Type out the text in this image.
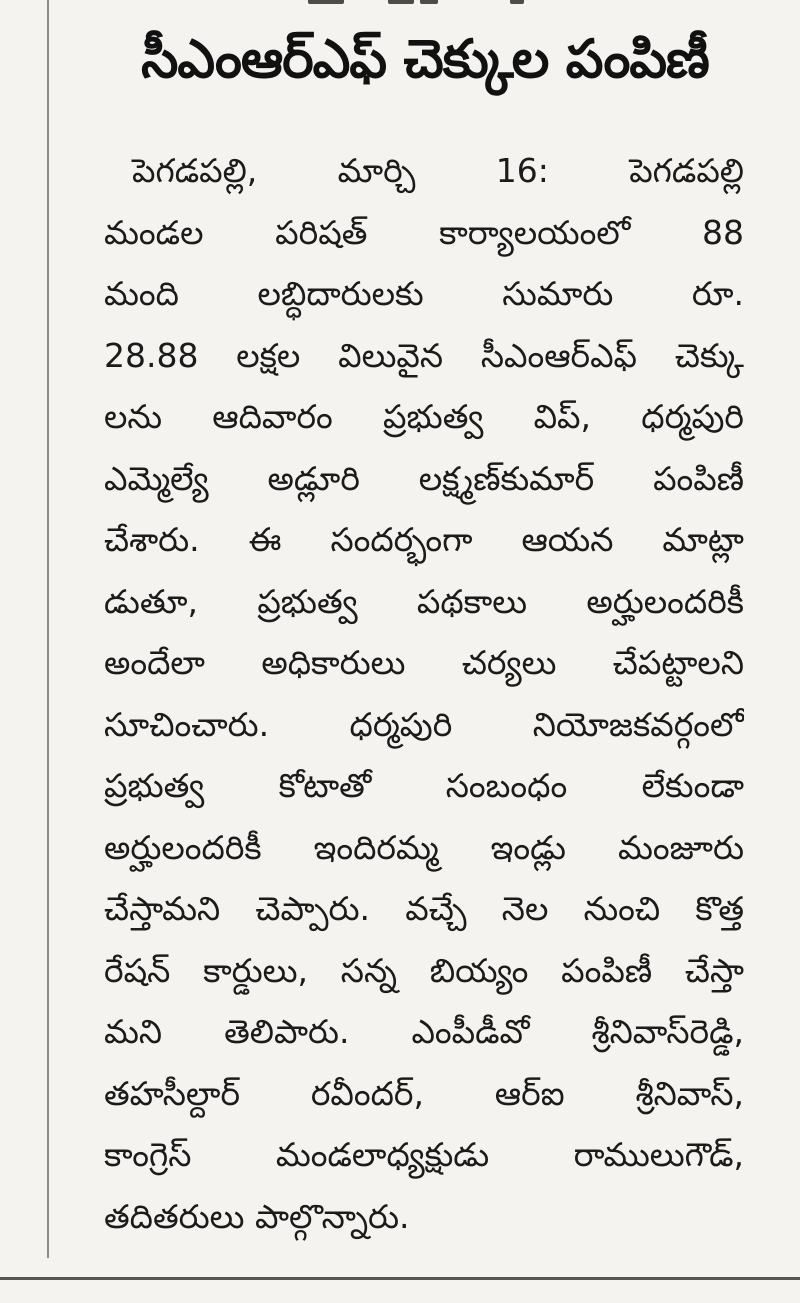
సీఎంఆర్ఎఫ్ చెక్కుల పంపిణీ
పెగడపల్లి, మార్చి 16: పెగడపల్లి
మండల పరిషత్ కార్యాలయంలో 88
మంది లబ్ధిదారులకు సుమారు రూ.
28.88 లక్షల విలువైన సీఎంఆర్ఎఫ్ చెక్కు
లను ఆదివారం ప్రభుత్వ విప్, ధర్మపురి
ఎమ్మెల్యే అడ్లూరి లక్ష్మణ్‌కుమార్ పంపిణీ
చేశారు. ఈ సందర్భంగా ఆయన మాట్లా
డుతూ, ప్రభుత్వ పథకాలు అర్హులందరికీ
అందేలా అధికారులు చర్యలు చేపట్టాలని
సూచించారు. ధర్మపురి నియోజకవర్గంలో
ప్రభుత్వ కోటాతో సంబంధం లేకుండా
అర్హులందరికీ ఇందిరమ్మ ఇండ్లు మంజూరు
చేస్తామని చెప్పారు. వచ్చే నెల నుంచి కొత్త
రేషన్ కార్డులు, సన్న బియ్యం పంపిణీ చేస్తా
మని తెలిపారు. ఎంపీడీవో శ్రీనివాస్‌రెడ్డి,
తహసీల్దార్ రవీందర్, ఆర్ఐ శ్రీనివాస్,
కాంగ్రెస్ మండలాధ్యక్షుడు రాములుగౌడ్,
తదితరులు పాల్గొన్నారు.
